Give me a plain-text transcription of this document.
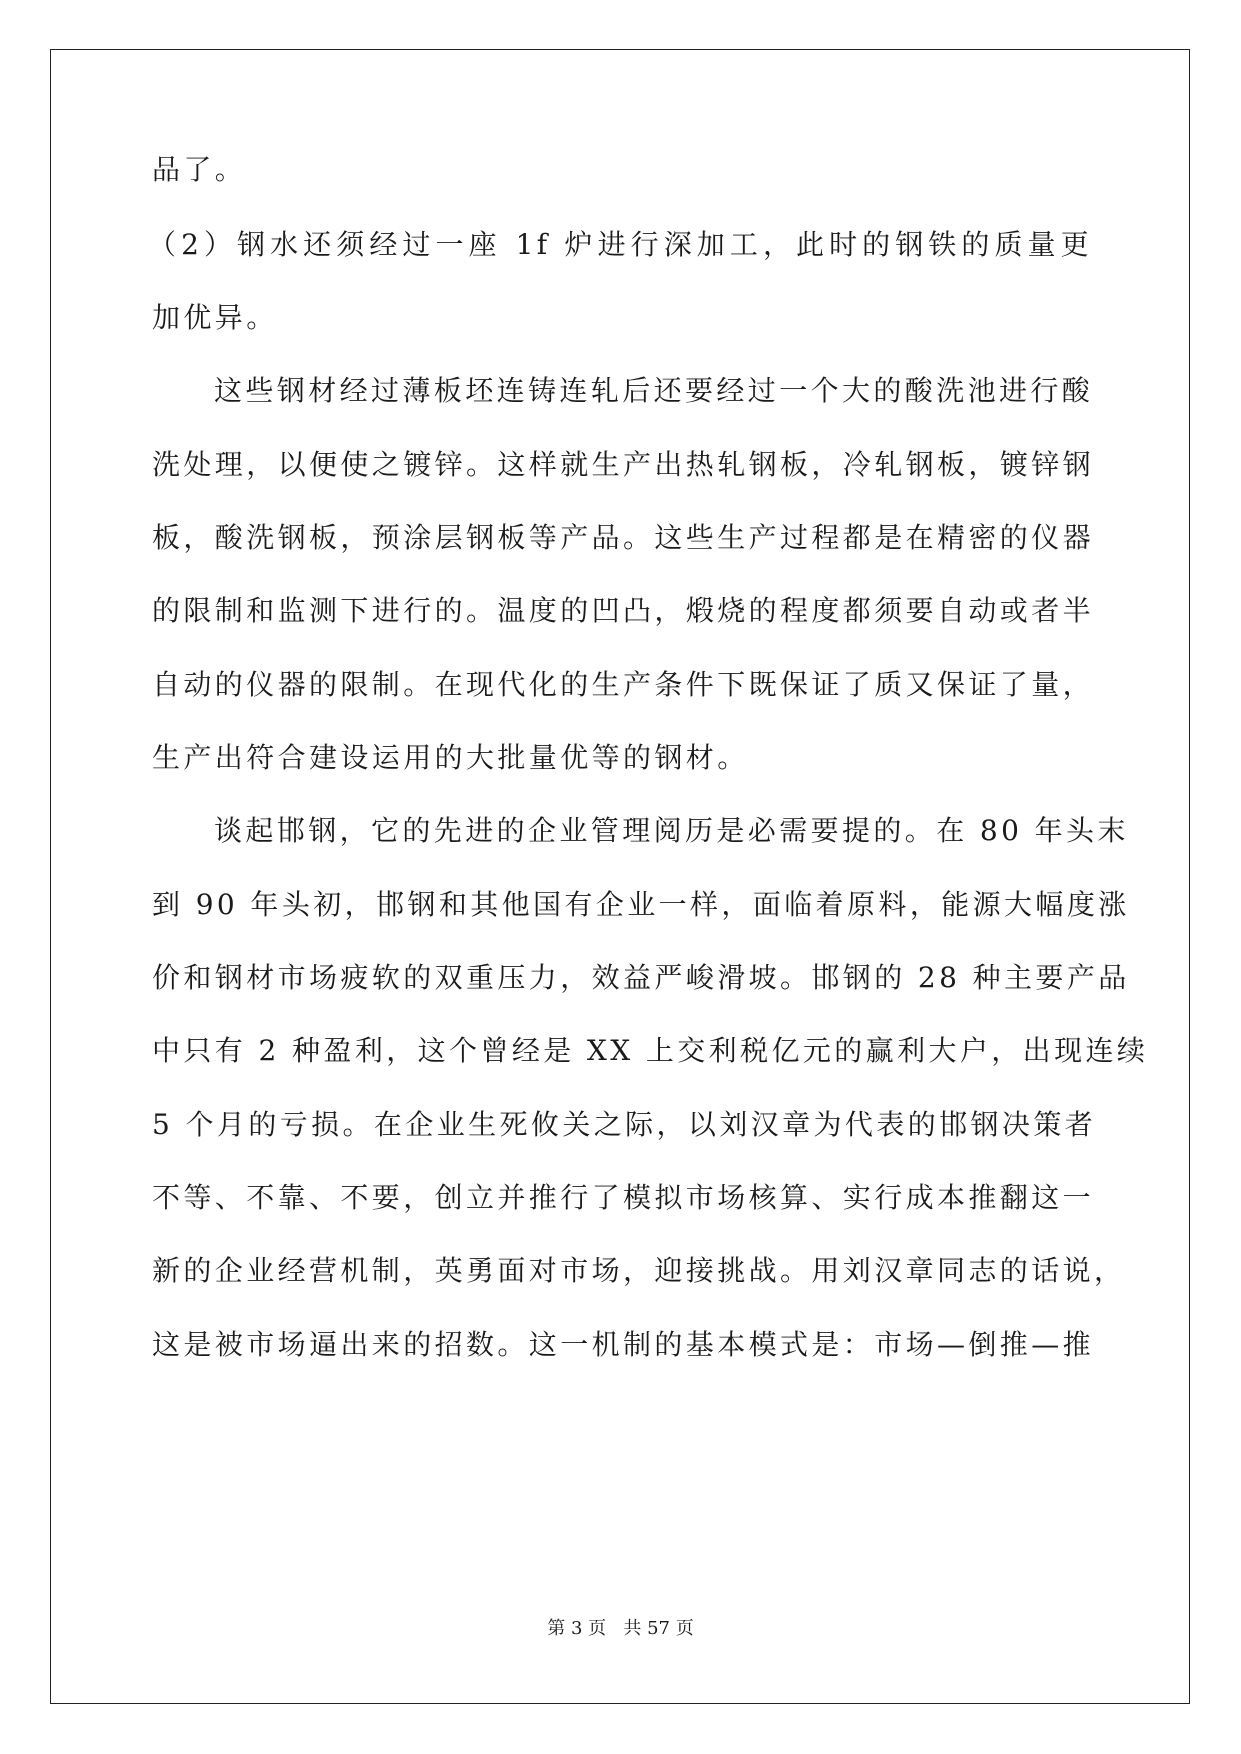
品了。
（2）钢水还须经过一座 1f 炉进行深加工，此时的钢铁的质量更
加优异。
这些钢材经过薄板坯连铸连轧后还要经过一个大的酸洗池进行酸
洗处理，以便使之镀锌。这样就生产出热轧钢板，冷轧钢板，镀锌钢
板，酸洗钢板，预涂层钢板等产品。这些生产过程都是在精密的仪器
的限制和监测下进行的。温度的凹凸，煅烧的程度都须要自动或者半
自动的仪器的限制。在现代化的生产条件下既保证了质又保证了量，
生产出符合建设运用的大批量优等的钢材。
谈起邯钢，它的先进的企业管理阅历是必需要提的。在 80 年头末
到 90 年头初，邯钢和其他国有企业一样，面临着原料，能源大幅度涨
价和钢材市场疲软的双重压力，效益严峻滑坡。邯钢的 28 种主要产品
中只有 2 种盈利，这个曾经是 XX 上交利税亿元的赢利大户，出现连续
5 个月的亏损。在企业生死攸关之际，以刘汉章为代表的邯钢决策者
不等、不靠、不要，创立并推行了模拟市场核算、实行成本推翻这一
新的企业经营机制，英勇面对市场，迎接挑战。用刘汉章同志的话说，
这是被市场逼出来的招数。这一机制的基本模式是：市场—倒推—推
第 3 页   共 57 页
